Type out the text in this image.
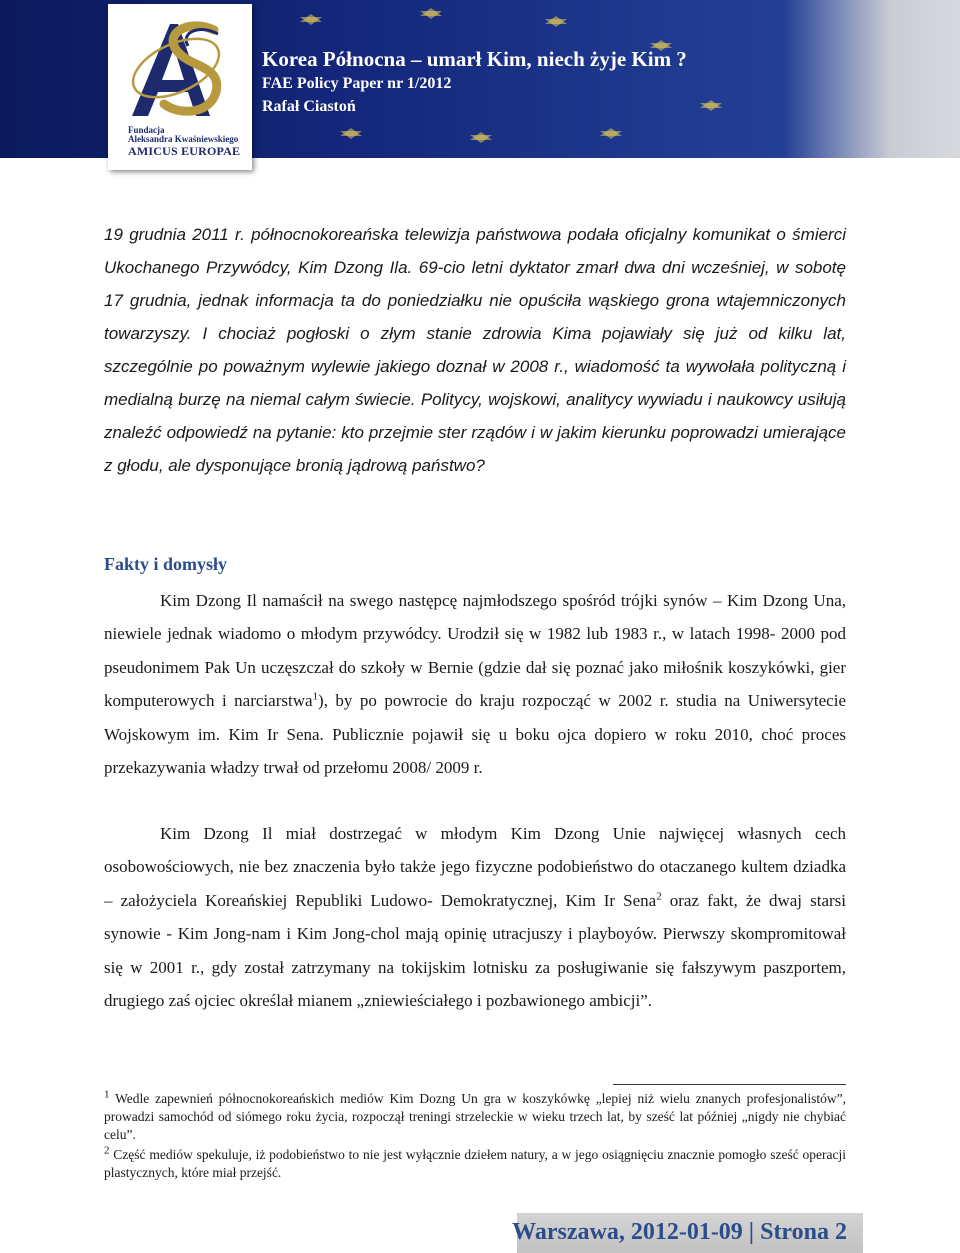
Korea Północna – umarł Kim, niech żyje Kim ?
FAE Policy Paper nr 1/2012
Rafał Ciastoń
Fundacja
Aleksandra Kwaśniewskiego
AMICUS EUROPAE
19 grudnia 2011 r. północnokoreańska telewizja państwowa podała oficjalny komunikat o śmierci Ukochanego Przywódcy, Kim Dzong Ila. 69-cio letni dyktator zmarł dwa dni wcześniej, w sobotę 17 grudnia, jednak informacja ta do poniedziałku nie opuściła wąskiego grona wtajemniczonych towarzyszy. I chociaż pogłoski o złym stanie zdrowia Kima pojawiały się już od kilku lat, szczególnie po poważnym wylewie jakiego doznał w 2008 r., wiadomość ta wywołała polityczną i medialną burzę na niemal całym świecie. Politycy, wojskowi, analitycy wywiadu i naukowcy usiłują znaleźć odpowiedź na pytanie: kto przejmie ster rządów i w jakim kierunku poprowadzi umierające z głodu, ale dysponujące bronią jądrową państwo?
Fakty i domysły

Kim Dzong Il namaścił na swego następcę najmłodszego spośród trójki synów – Kim Dzong Una, niewiele jednak wiadomo o młodym przywódcy. Urodził się w 1982 lub 1983 r., w latach 1998- 2000 pod pseudonimem Pak Un uczęszczał do szkoły w Bernie (gdzie dał się poznać jako miłośnik koszykówki, gier komputerowych i narciarstwa$^1$), by po powrocie do kraju rozpocząć w 2002 r. studia na Uniwersytecie Wojskowym im. Kim Ir Sena. Publicznie pojawił się u boku ojca dopiero w roku 2010, choć proces przekazywania władzy trwał od przełomu 2008/ 2009 r.

Kim Dzong Il miał dostrzegać w młodym Kim Dzong Unie najwięcej własnych cech osobowościowych, nie bez znaczenia było także jego fizyczne podobieństwo do otaczanego kultem dziadka – założyciela Koreańskiej Republiki Ludowo- Demokratycznej, Kim Ir Sena$^2$ oraz fakt, że dwaj starsi synowie - Kim Jong-nam i Kim Jong-chol mają opinię utracjuszy i playboyów. Pierwszy skompromitował się w 2001 r., gdy został zatrzymany na tokijskim lotnisku za posługiwanie się fałszywym paszportem, drugiego zaś ojciec określał mianem „zniewieściałego i pozbawionego ambicji”.

$^1$ Wedle zapewnień północnokoreańskich mediów Kim Dozng Un gra w koszykówkę „lepiej niż wielu znanych profesjonalistów”, prowadzi samochód od siómego roku życia, rozpoczął treningi strzeleckie w wieku trzech lat, by sześć lat później „nigdy nie chybiać celu”.

$^2$ Część mediów spekuluje, iż podobieństwo to nie jest wyłącznie dziełem natury, a w jego osiągnięciu znacznie pomogło sześć operacji plastycznych, które miał przejść.

Warszawa, 2012-01-09 | Strona 2
